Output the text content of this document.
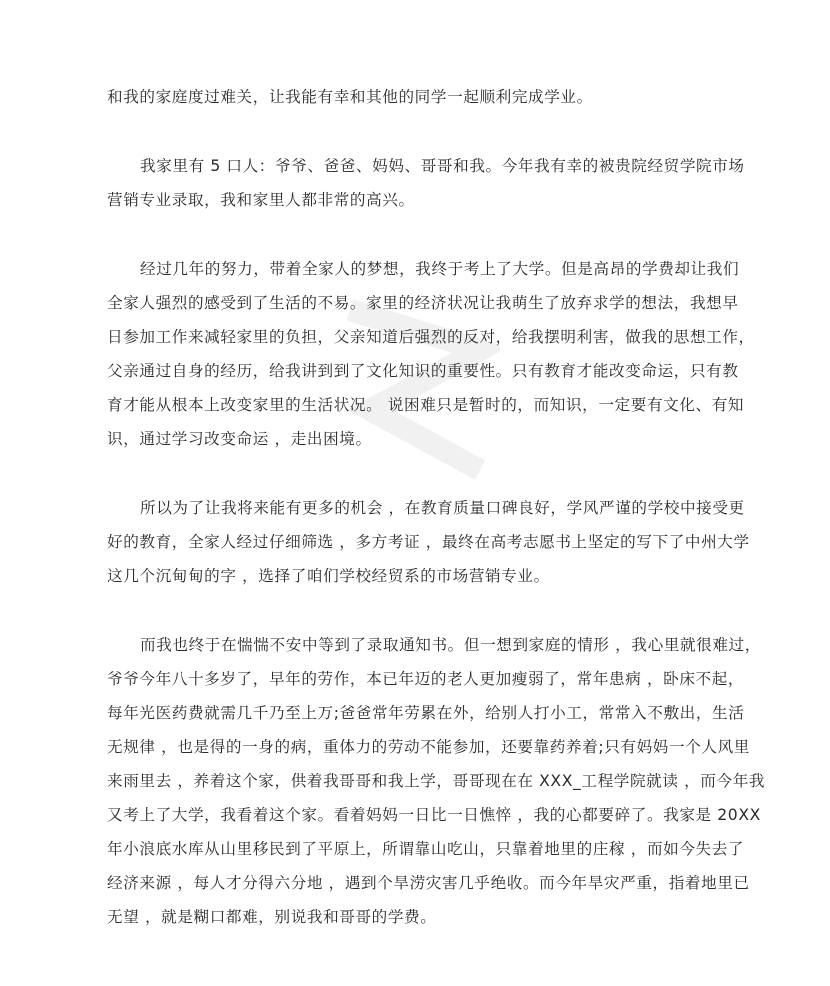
和我的家庭度过难关，让我能有幸和其他的同学一起顺利完成学业。
我家里有 5 口人：爷爷、爸爸、妈妈、哥哥和我。今年我有幸的被贵院经贸学院市场
营销专业录取，我和家里人都非常的高兴。
经过几年的努力，带着全家人的梦想，我终于考上了大学。但是高昂的学费却让我们
全家人强烈的感受到了生活的不易。家里的经济状况让我萌生了放弃求学的想法，我想早
日参加工作来减轻家里的负担，父亲知道后强烈的反对，给我摆明利害，做我的思想工作，
父亲通过自身的经历，给我讲到到了文化知识的重要性。只有教育才能改变命运，只有教
育才能从根本上改变家里的生活状况。 说困难只是暂时的，而知识，一定要有文化、有知
识，通过学习改变命运 ，走出困境。
所以为了让我将来能有更多的机会 ，在教育质量口碑良好，学风严谨的学校中接受更
好的教育，全家人经过仔细筛选 ，多方考证 ，最终在高考志愿书上坚定的写下了中州大学
这几个沉甸甸的字 ，选择了咱们学校经贸系的市场营销专业。
而我也终于在惴惴不安中等到了录取通知书。但一想到家庭的情形 ，我心里就很难过，
爷爷今年八十多岁了，早年的劳作，本已年迈的老人更加瘦弱了，常年患病 ，卧床不起，
每年光医药费就需几千乃至上万;爸爸常年劳累在外，给别人打小工，常常入不敷出，生活
无规律 ，也是得的一身的病，重体力的劳动不能参加，还要靠药养着;只有妈妈一个人风里
来雨里去 ，养着这个家，供着我哥哥和我上学，哥哥现在在 XXX_工程学院就读 ，而今年我
又考上了大学，我看着这个家。看着妈妈一日比一日憔悴 ，我的心都要碎了。我家是 20XX
年小浪底水库从山里移民到了平原上，所谓靠山吃山，只靠着地里的庄稼 ，而如今失去了
经济来源 ，每人才分得六分地 ，遇到个旱涝灾害几乎绝收。而今年旱灾严重，指着地里已
无望 ，就是糊口都难，别说我和哥哥的学费。
